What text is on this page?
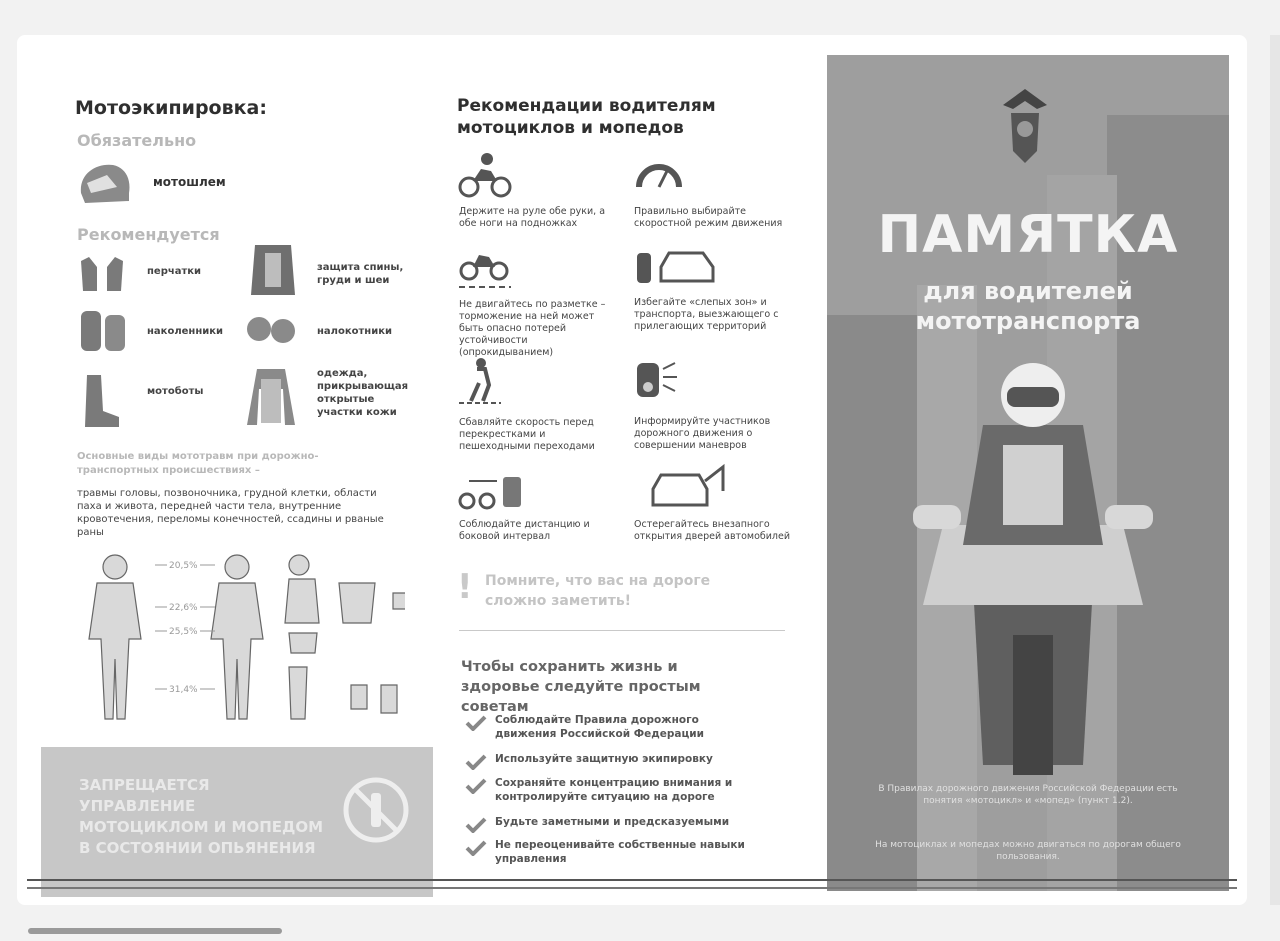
Мотоэкипировка:
Обязательно
мотошлем
Рекомендуется
перчатки	защита спины, груди и шеи
наколенники	налокотники
мотоботы
одежда, прикрывающая открытые участки кожи
Основные виды мототравм при дорожно-транспортных происшествиях –
травмы головы, позвоночника, грудной клетки, области паха и живота, передней части тела, внутренние кровотечения, переломы конечностей, ссадины и рваные раны
20,5%
22,6%
25,5%
31,4%
ЗАПРЕЩАЕТСЯ УПРАВЛЕНИЕ МОТОЦИКЛОМ И МОПЕДОМ В СОСТОЯНИИ ОПЬЯНЕНИЯ
Рекомендации водителям мотоциклов и мопедов
Держите на руле обе руки, а обе ноги на подножках
Правильно выбирайте скоростной режим движения
Не двигайтесь по разметке – торможение на ней может быть опасно потерей устойчивости (опрокидыванием)
Избегайте «слепых зон» и транспорта, выезжающего с прилегающих территорий
Сбавляйте скорость перед перекрестками и пешеходными переходами
Информируйте участников дорожного движения о совершении маневров
Соблюдайте дистанцию и боковой интервал
Остерегайтесь внезапного открытия дверей автомобилей
! Помните, что вас на дороге сложно заметить!
Чтобы сохранить жизнь и здоровье следуйте простым советам
Соблюдайте Правила дорожного движения Российской Федерации
Используйте защитную экипировку
Сохраняйте концентрацию внимания и контролируйте ситуацию на дороге
Будьте заметными и предсказуемыми
Не переоценивайте собственные навыки управления
ПАМЯТКА
для водителей
мототранспорта
В Правилах дорожного движения Российской Федерации есть понятия «мотоцикл» и «мопед» (пункт 1.2).
На мотоциклах и мопедах можно двигаться по дорогам общего пользования.
